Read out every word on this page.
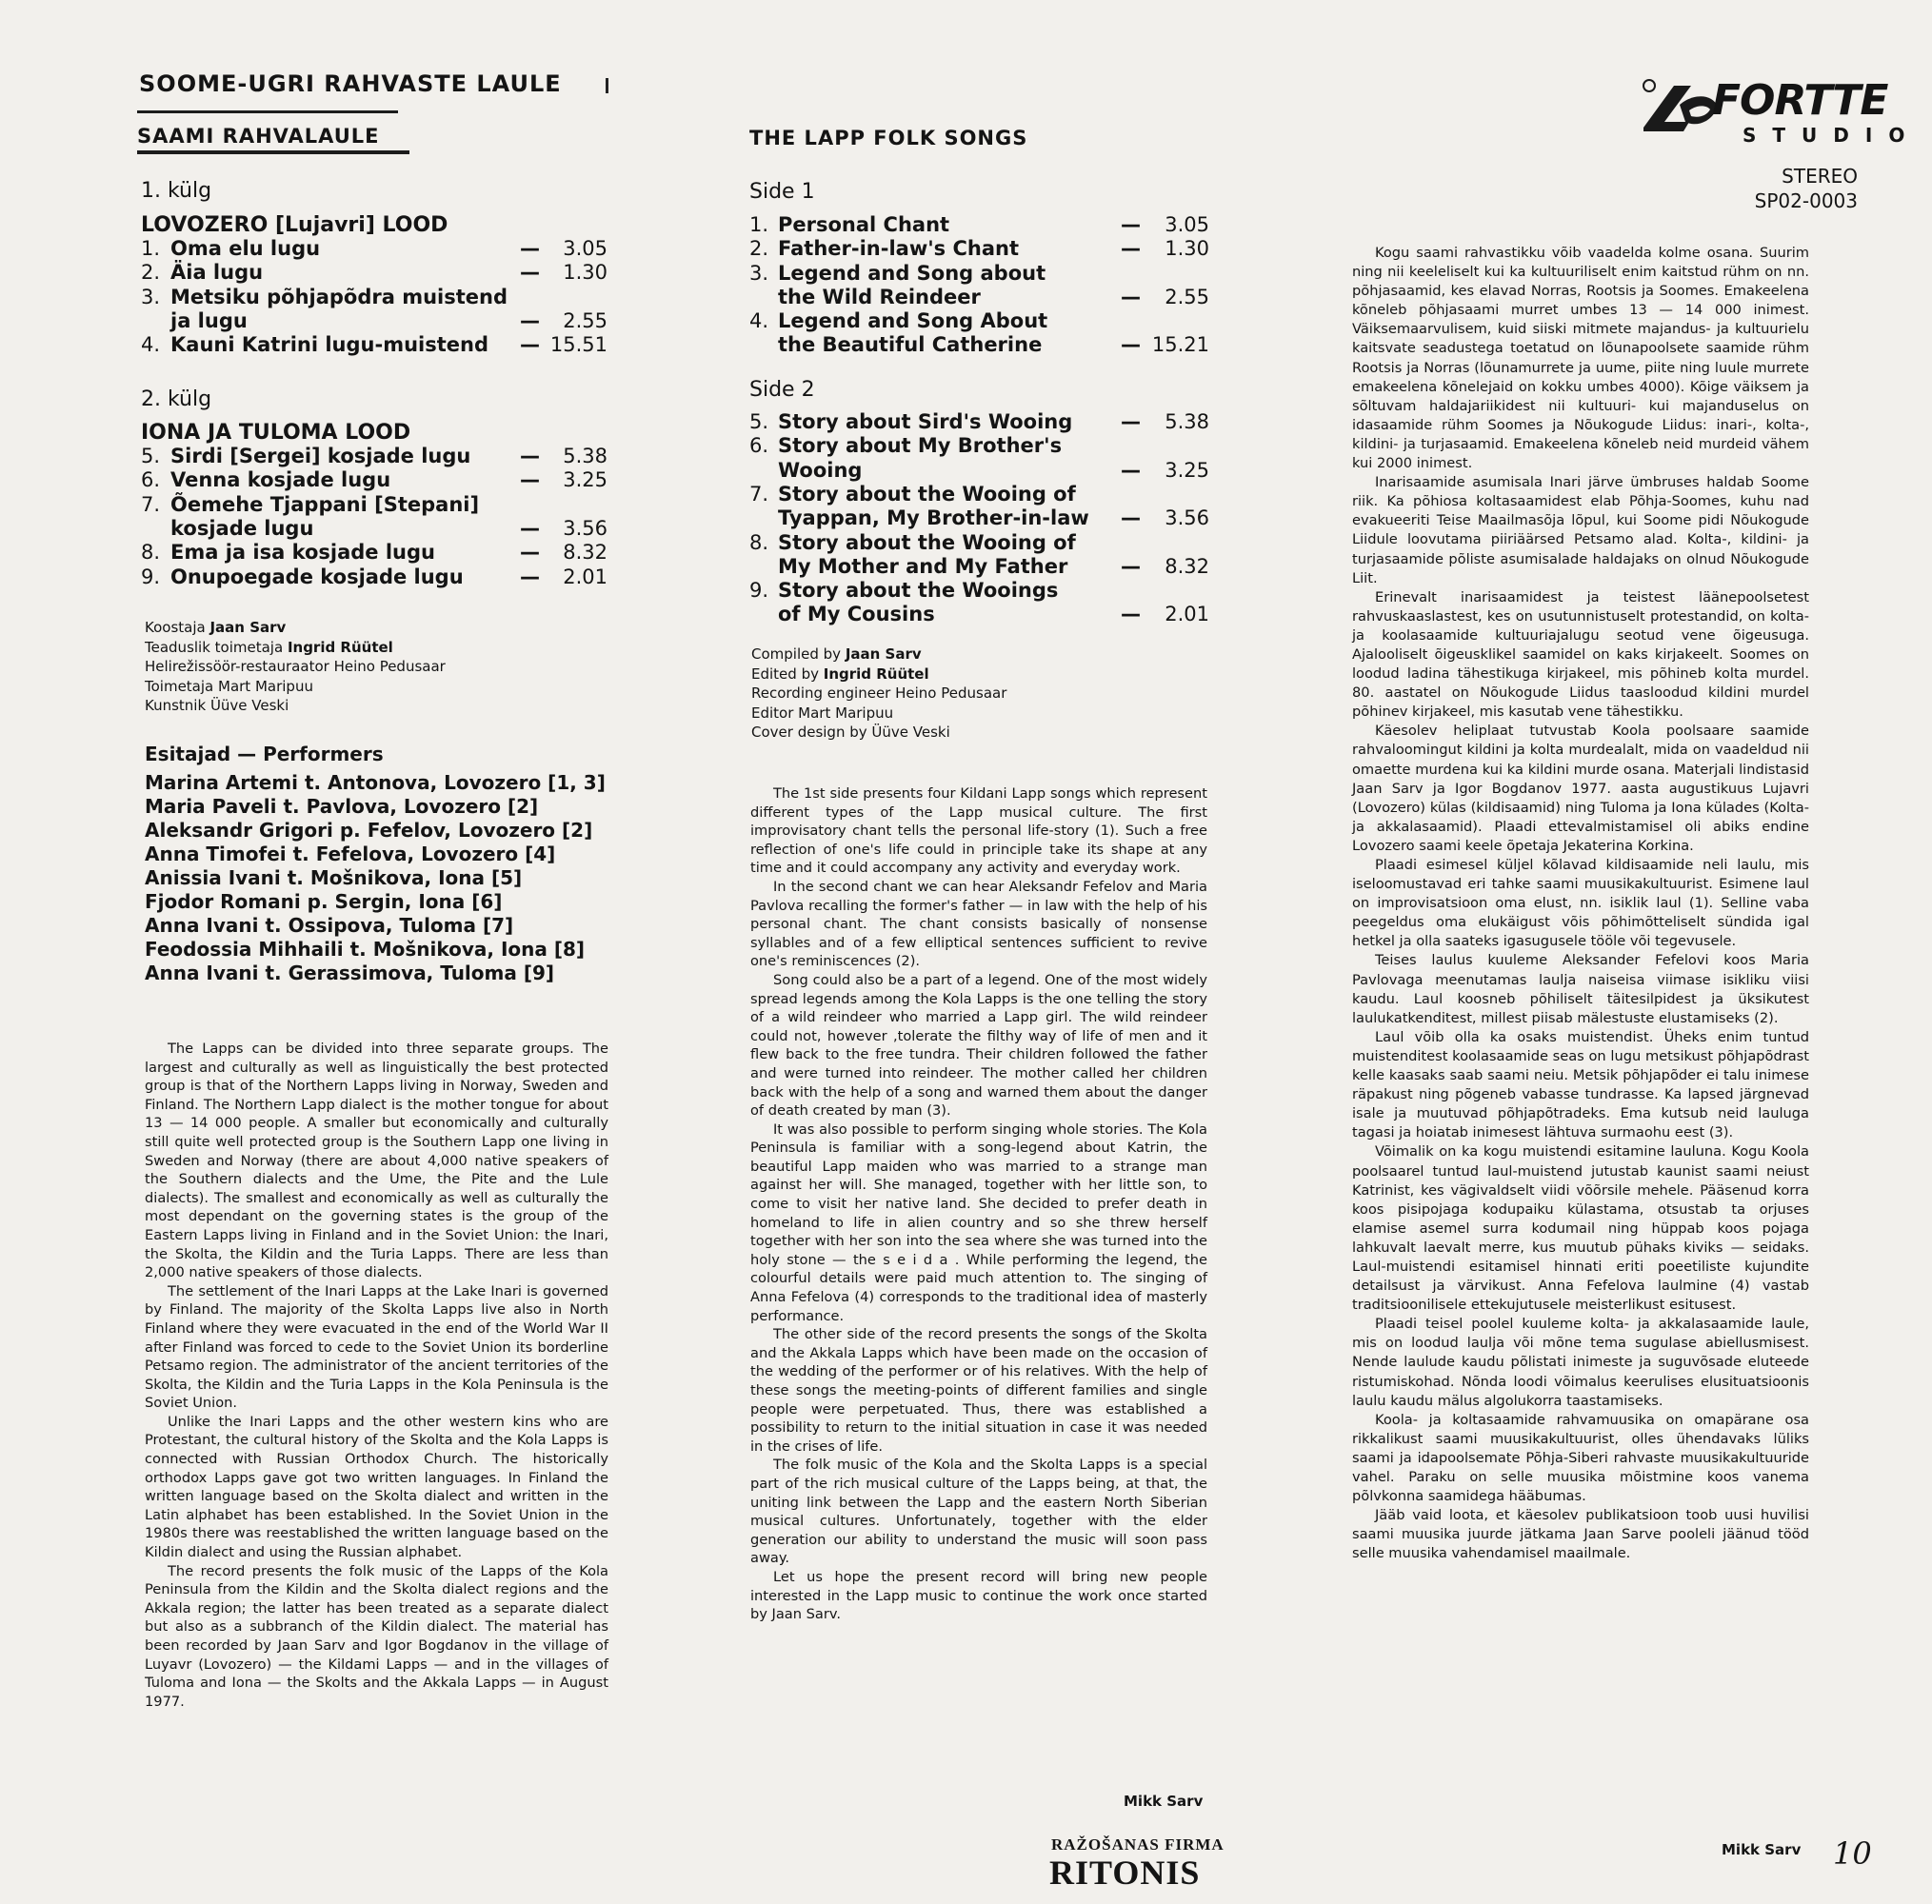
SOOME-UGRI RAHVASTE LAULE
SAAMI RAHVALAULE	THE LAPP FOLK SONGS
FORTTE
STUDIO
STEREO
SP02-0003
1. külg
LOVOZERO [Lujavri] LOOD
1. Oma elu lugu	—	3.05
2. Äia lugu	—	1.30
3. Metsiku põhjapõdra muistend
ja lugu	—	2.55
4. Kauni Katrini lugu-muistend — 15.51
2. külg
IONA JA TULOMA LOOD
5. Sirdi [Sergei] kosjade lugu —	5.38
6. Venna kosjade lugu	—	3.25
7. Õemehe Tjappani [Stepani]
kosjade lugu	—	3.56
8. Ema ja isa kosjade lugu	—	8.32
9. Onupoegade kosjade lugu	—	2.01
Side 1
1. Personal Chant	—	3.05
2. Father-in-law's Chant	—	1.30
3. Legend and Song about
the Wild Reindeer	—	2.55
4. Legend and Song About
the Beautiful Catherine	— 15.21
Side 2
5. Story about Sird's Wooing —	5.38
6. Story about My Brother's
Wooing	—	3.25
7. Story about the Wooing of
Tyappan, My Brother-in-law —	3.56
8. Story about the Wooing of
My Mother and My Father	—	8.32
9. Story about the Wooings
of My Cousins	—	2.01
Koostaja Jaan Sarv
Teaduslik toimetaja Ingrid Rüütel
Helirežissöör-restauraator Heino Pedusaar
Toimetaja Mart Maripuu
Kunstnik Üüve Veski
Compiled by Jaan Sarv
Edited by Ingrid Rüütel
Recording engineer Heino Pedusaar
Editor Mart Maripuu
Cover design by Üüve Veski
Esitajad — Performers
Marina Artemi t. Antonova, Lovozero [1, 3]
Maria Paveli t. Pavlova, Lovozero [2]
Aleksandr Grigori p. Fefelov, Lovozero [2]
Anna Timofei t. Fefelova, Lovozero [4]
Anissia Ivani t. Mošnikova, Iona [5]
Fjodor Romani p. Sergin, Iona [6]
Anna Ivani t. Ossipova, Tuloma [7]
Feodossia Mihhaili t. Mošnikova, Iona [8]
Anna Ivani t. Gerassimova, Tuloma [9]

The Lapps can be divided into three separate groups. The largest and culturally as well as linguistically the best protected group is that of the Northern Lapps living in Norway, Sweden and Finland. The Northern Lapp dialect is the mother tongue for about 13 — 14 000 people. A smaller but economically and culturally still quite well protected group is the Southern Lapp one living in Sweden and Norway (there are about 4,000 native speakers of the Southern dialects and the Ume, the Pite and the Lule dialects). The smallest and economically as well as culturally the most dependant on the governing states is the group of the Eastern Lapps living in Finland and in the Soviet Union: the Inari, the Skolta, the Kildin and the Turia Lapps. There are less than 2,000 native speakers of those dialects.

The settlement of the Inari Lapps at the Lake Inari is governed by Finland. The majority of the Skolta Lapps live also in North Finland where they were evacuated in the end of the World War II after Finland was forced to cede to the Soviet Union its borderline Petsamo region. The administrator of the ancient territories of the Skolta, the Kildin and the Turia Lapps in the Kola Peninsula is the Soviet Union.

Unlike the Inari Lapps and the other western kins who are Protestant, the cultural history of the Skolta and the Kola Lapps is connected with Russian Orthodox Church. The historically orthodox Lapps gave got two written languages. In Finland the written language based on the Skolta dialect and written in the Latin alphabet has been established. In the Soviet Union in the 1980s there was reestablished the written language based on the Kildin dialect and using the Russian alphabet.

The record presents the folk music of the Lapps of the Kola Peninsula from the Kildin and the Skolta dialect regions and the Akkala region; the latter has been treated as a separate dialect but also as a subbranch of the Kildin dialect. The material has been recorded by Jaan Sarv and Igor Bogdanov in the village of Luyavr (Lovozero) — the Kildami Lapps — and in the villages of Tuloma and Iona — the Skolts and the Akkala Lapps — in August 1977.

The 1st side presents four Kildani Lapp songs which represent different types of the Lapp musical culture. The first improvisatory chant tells the personal life-story (1). Such a free reflection of one's life could in principle take its shape at any time and it could accompany any activity and everyday work.

In the second chant we can hear Aleksandr Fefelov and Maria Pavlova recalling the former's father — in law with the help of his personal chant. The chant consists basically of nonsense syllables and of a few elliptical sentences sufficient to revive one's reminiscences (2).

Song could also be a part of a legend. One of the most widely spread legends among the Kola Lapps is the one telling the story of a wild reindeer who married a Lapp girl. The wild reindeer could not, however ,tolerate the filthy way of life of men and it flew back to the free tundra. Their children followed the father and were turned into reindeer. The mother called her children back with the help of a song and warned them about the danger of death created by man (3).

It was also possible to perform singing whole stories. The Kola Peninsula is familiar with a song-legend about Katrin, the beautiful Lapp maiden who was married to a strange man against her will. She managed, together with her little son, to come to visit her native land. She decided to prefer death in homeland to life in alien country and so she threw herself together with her son into the sea where she was turned into the holy stone — the s e i d a . While performing the legend, the colourful details were paid much attention to. The singing of Anna Fefelova (4) corresponds to the traditional idea of masterly performance.

The other side of the record presents the songs of the Skolta and the Akkala Lapps which have been made on the occasion of the wedding of the performer or of his relatives. With the help of these songs the meeting-points of different families and single people were perpetuated. Thus, there was established a possibility to return to the initial situation in case it was needed in the crises of life.

The folk music of the Kola and the Skolta Lapps is a special part of the rich musical culture of the Lapps being, at that, the uniting link between the Lapp and the eastern North Siberian musical cultures. Unfortunately, together with the elder generation our ability to understand the music will soon pass away.

Let us hope the present record will bring new people interested in the Lapp music to continue the work once started by Jaan Sarv.

Mikk Sarv

Kogu saami rahvastikku võib vaadelda kolme osana. Suurim ning nii keeleliselt kui ka kultuuriliselt enim kaitstud rühm on nn. põhjasaamid, kes elavad Norras, Rootsis ja Soomes. Emakeelena kõneleb põhjasaami murret umbes 13 — 14 000 inimest. Väiksemaarvulisem, kuid siiski mitmete majandus- ja kultuurielu kaitsvate seadustega toetatud on lõunapoolsete saamide rühm Rootsis ja Norras (lõunamurrete ja uume, piite ning luule murrete emakeelena kõnelejaid on kokku umbes 4000). Kõige väiksem ja sõltuvam haldajariikidest nii kultuuri- kui majanduselus on idasaamide rühm Soomes ja Nõukogude Liidus: inari-, kolta-, kildini- ja turjasaamid. Emakeelena kõneleb neid murdeid vähem kui 2000 inimest.

Inarisaamide asumisala Inari järve ümbruses haldab Soome riik. Ka põhiosa koltasaamidest elab Põhja-Soomes, kuhu nad evakueeriti Teise Maailmasõja lõpul, kui Soome pidi Nõukogude Liidule loovutama piiriäärsed Petsamo alad. Kolta-, kildini- ja turjasaamide põliste asumisalade haldajaks on olnud Nõukogude Liit.

Erinevalt inarisaamidest ja teistest läänepoolsetest rahvuskaaslastest, kes on usutunnistuselt protestandid, on kolta- ja koolasaamide kultuuriajalugu seotud vene õigeusuga. Ajalooliselt õigeusklikel saamidel on kaks kirjakeelt. Soomes on loodud ladina tähestikuga kirjakeel, mis põhineb kolta murdel. 80. aastatel on Nõukogude Liidus taasloodud kildini murdel põhinev kirjakeel, mis kasutab vene tähestikku.

Käesolev heliplaat tutvustab Koola poolsaare saamide rahvaloomingut kildini ja kolta murdealalt, mida on vaadeldud nii omaette murdena kui ka kildini murde osana. Materjali lindistasid Jaan Sarv ja Igor Bogdanov 1977. aasta augustikuus Lujavri (Lovozero) külas (kildisaamid) ning Tuloma ja Iona külades (Kolta- ja akkalasaamid). Plaadi ettevalmistamisel oli abiks endine Lovozero saami keele õpetaja Jekaterina Korkina.

Plaadi esimesel küljel kõlavad kildisaamide neli laulu, mis iseloomustavad eri tahke saami muusikakultuurist. Esimene laul on improvisatsioon oma elust, nn. isiklik laul (1). Selline vaba peegeldus oma elukäigust võis põhimõtteliselt sündida igal hetkel ja olla saateks igasugusele tööle või tegevusele.

Teises laulus kuuleme Aleksander Fefelovi koos Maria Pavlovaga meenutamas laulja naiseisa viimase isikliku viisi kaudu. Laul koosneb põhiliselt täitesilpidest ja üksikutest laulukatkenditest, millest piisab mälestuste elustamiseks (2).

Laul võib olla ka osaks muistendist. Üheks enim tuntud muistenditest koolasaamide seas on lugu metsikust põhjapõdrast kelle kaasaks saab saami neiu. Metsik põhjapõder ei talu inimese räpakust ning põgeneb vabasse tundrasse. Ka lapsed järgnevad isale ja muutuvad põhjapõtradeks. Ema kutsub neid lauluga tagasi ja hoiatab inimesest lähtuva surmaohu eest (3).

Võimalik on ka kogu muistendi esitamine lauluna. Kogu Koola poolsaarel tuntud laul-muistend jutustab kaunist saami neiust Katrinist, kes vägivaldselt viidi võõrsile mehele. Pääsenud korra koos pisipojaga kodupaiku külastama, otsustab ta orjuses elamise asemel surra kodumail ning hüppab koos pojaga lahkuvalt laevalt merre, kus muutub pühaks kiviks — seidaks. Laul-muistendi esitamisel hinnati eriti poeetiliste kujundite detailsust ja värvikust. Anna Fefelova laulmine (4) vastab traditsioonilisele ettekujutusele meisterlikust esitusest.

Plaadi teisel poolel kuuleme kolta- ja akkalasaamide laule, mis on loodud laulja või mõne tema sugulase abiellusmisest. Nende laulude kaudu põlistati inimeste ja suguvõsade eluteede ristumiskohad. Nõnda loodi võimalus keerulises elusituatsioonis laulu kaudu mälus algolukorra taastamiseks.

Koola- ja koltasaamide rahvamuusika on omapärane osa rikkalikust saami muusikakultuurist, olles ühendavaks lüliks saami ja idapoolsemate Põhja-Siberi rahvaste muusikakultuuride vahel. Paraku on selle muusika mõistmine koos vanema põlvkonna saamidega hääbumas.

Jääb vaid loota, et käesolev publikatsioon toob uusi huvilisi saami muusika juurde jätkama Jaan Sarve pooleli jäänud tööd selle muusika vahendamisel maailmale.

Mikk Sarv
RAŽOŠANAS FIRMA
RITONIS	10
